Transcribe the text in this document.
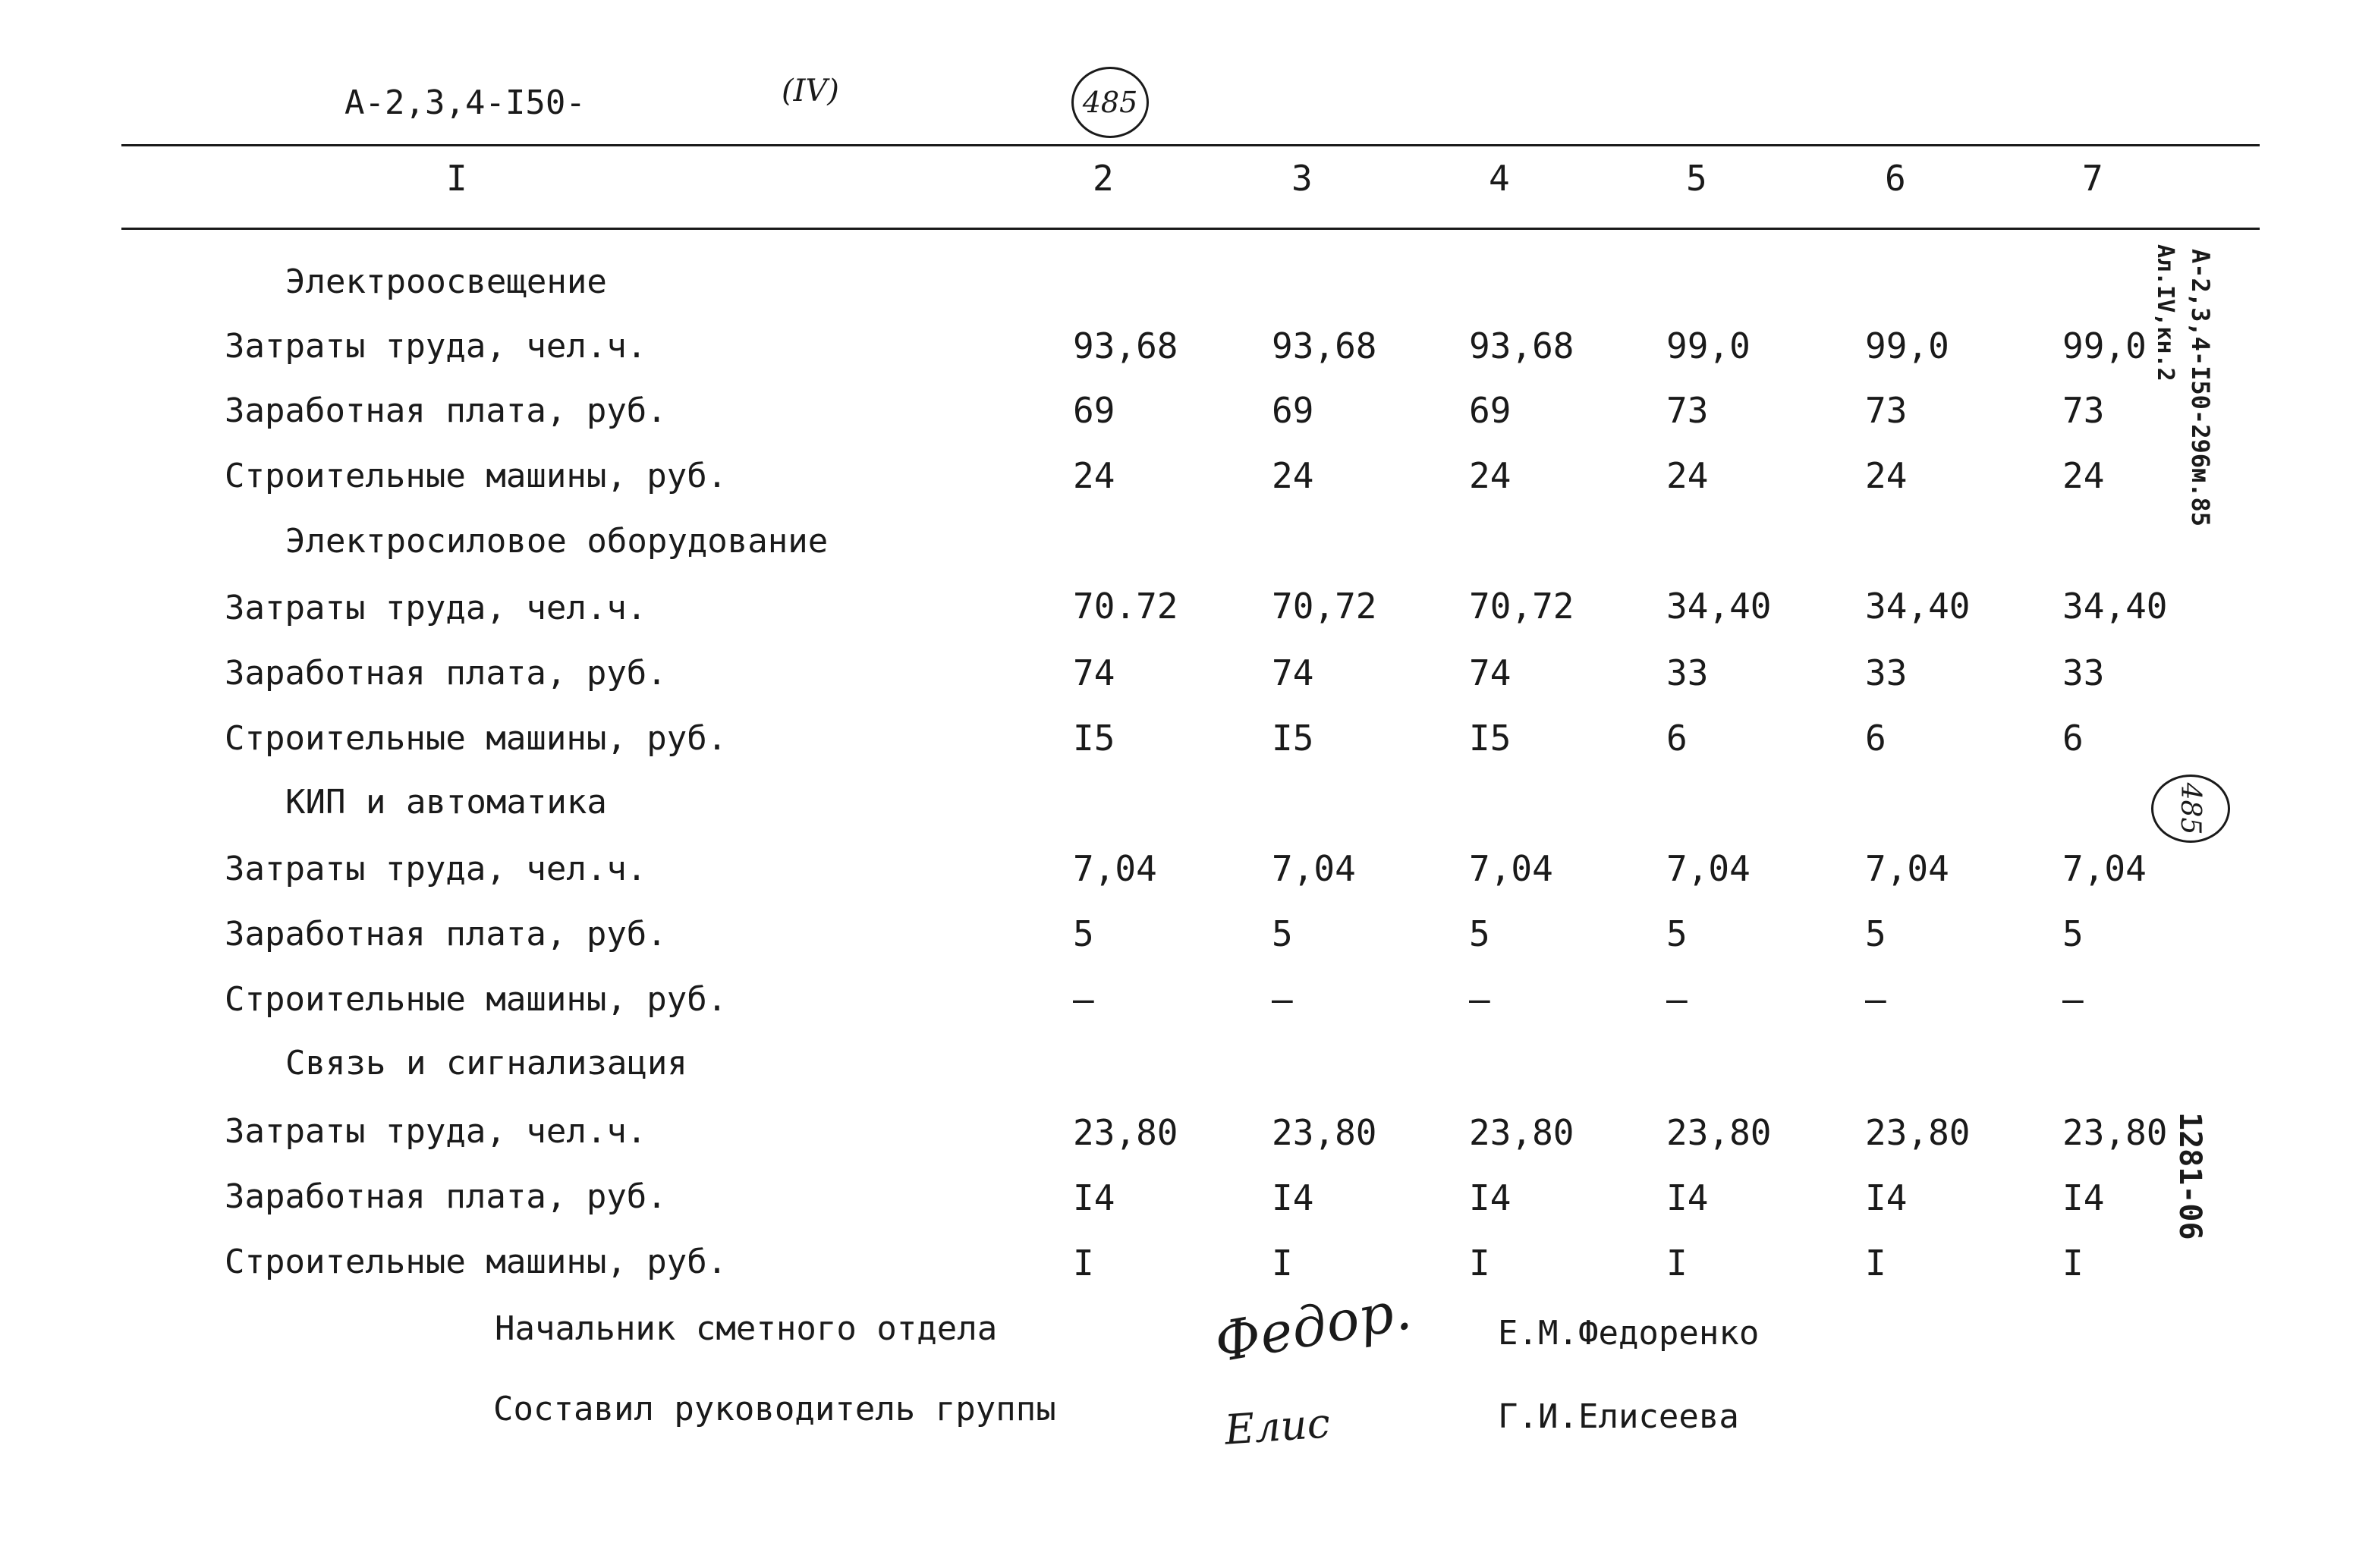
А-2,3,4-I50-	(IV)	485
I	2	3	4	5	6	7
Электроосвещение
Затраты труда, чел.ч.	93,68	93,68	93,68	99,0	99,0	99,0
Заработная плата, руб.	69	69	69	73	73	73
Строительные машины, руб.	24	24	24	24	24	24
Электросиловое оборудование
Затраты труда, чел.ч.	70.72	70,72	70,72	34,40	34,40	34,40
Заработная плата, руб.	74	74	74	33	33	33
Строительные машины, руб.	I5	I5	I5	6	6	6
КИП и автоматика
Затраты труда, чел.ч.	7,04	7,04	7,04	7,04	7,04	7,04
Заработная плата, руб.	5	5	5	5	5	5
Строительные машины, руб.	–	–	–	–	–	–
Связь и сигнализация
Затраты труда, чел.ч.	23,80	23,80	23,80	23,80	23,80	23,80
Заработная плата, руб.	I4	I4	I4	I4	I4	I4
Строительные машины, руб.	I	I	I	I	I	I
Начальник сметного отдела	Федор. Е.М.Федоренко
Составил руководитель группы	Елис	Г.И.Елисеева
А-2,3,4-I50-296м.85
Ал.IV,кн.2
485
1281-06
